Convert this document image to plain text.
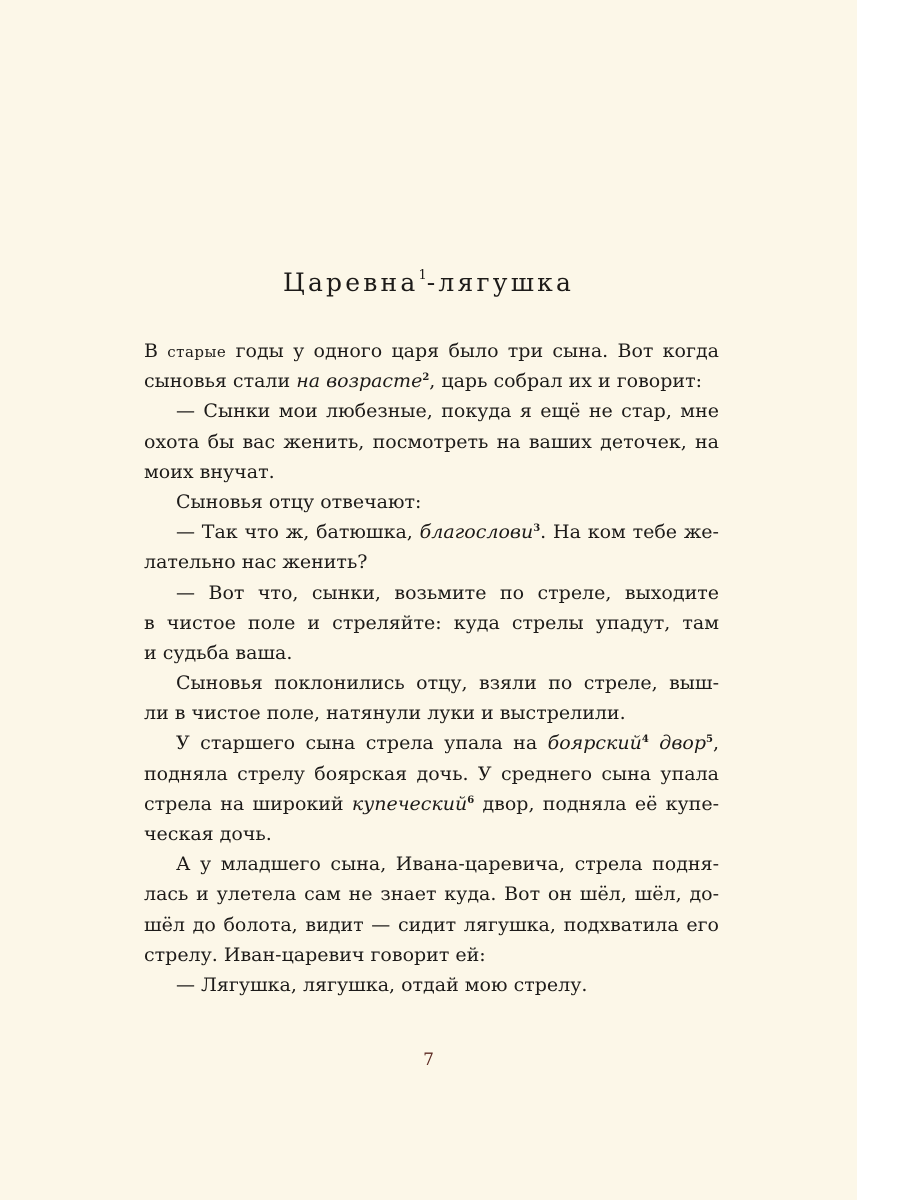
Царевна$^1$-лягушка
В старые годы у одного царя было три сына. Вот когда
сыновья стали на возрасте$^2$, царь собрал их и говорит:
— Сынки мои любезные, покуда я ещё не стар, мне
охота бы вас женить, посмотреть на ваших деточек, на
моих внучат.
Сыновья отцу отвечают:
— Так что ж, батюшка, благослови$^3$. На ком тебе же-
лательно нас женить?
— Вот что, сынки, возьмите по стреле, выходите
в чистое поле и стреляйте: куда стрелы упадут, там
и судьба ваша.
Сыновья поклонились отцу, взяли по стреле, выш-
ли в чистое поле, натянули луки и выстрелили.
У старшего сына стрела упала на боярский$^4$ двор$^5$,
подняла стрелу боярская дочь. У среднего сына упала
стрела на широкий купеческий$^6$ двор, подняла её купе-
ческая дочь.
А у младшего сына, Ивана-царевича, стрела подня-
лась и улетела сам не знает куда. Вот он шёл, шёл, до-
шёл до болота, видит — сидит лягушка, подхватила его
стрелу. Иван-царевич говорит ей:
— Лягушка, лягушка, отдай мою стрелу.
7
